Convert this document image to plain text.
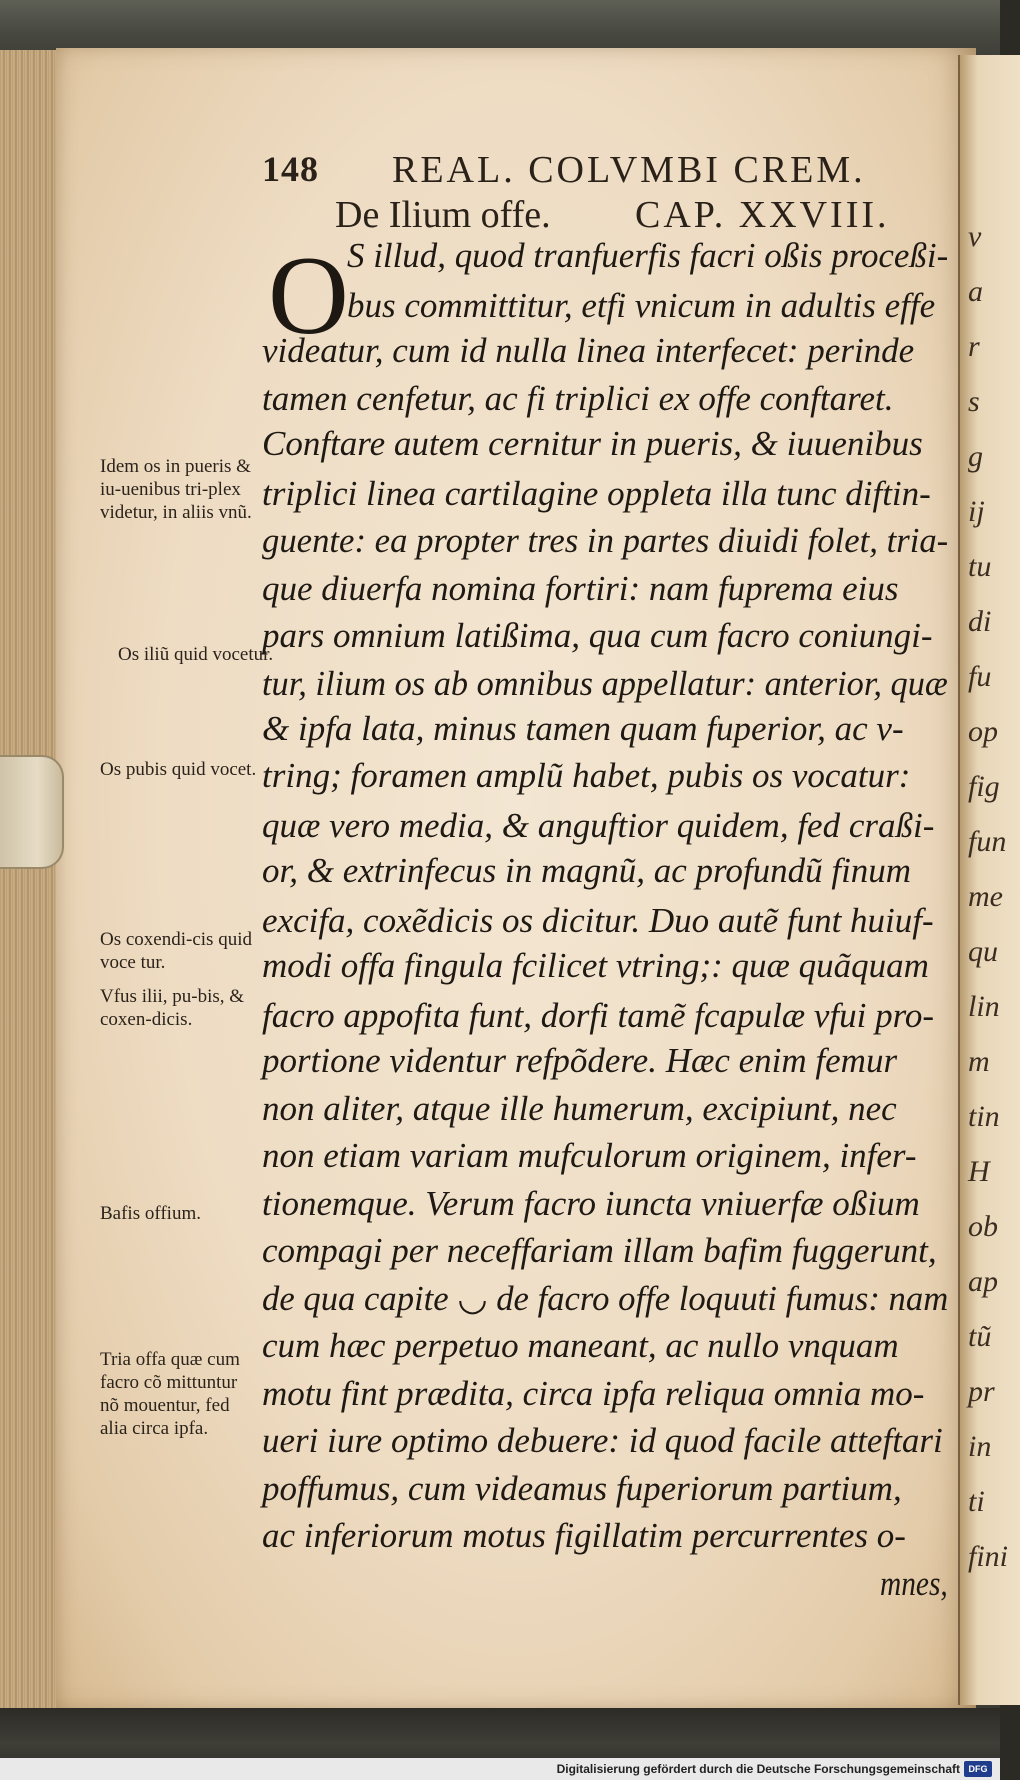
v
a
r
s
g
ij
tu
di
fu
op
fig
fun
me
qu
lin
m
tin
H
ob
ap
tũ
pr
in
ti
fini
148 REAL. COLVMBI CREM.
De Ilium offe. CAP. XXVIII.
O
S illud, quod tranfuerfis facri oßis proceßi-
bus committitur, etfi vnicum in adultis effe
videatur, cum id nulla linea interfecet: perinde
tamen cenfetur, ac fi triplici ex offe conftaret.
Conftare autem cernitur in pueris, & iuuenibus
triplici linea cartilagine oppleta illa tunc diftin-
guente: ea propter tres in partes diuidi folet, tria-
que diuerfa nomina fortiri: nam fuprema eius
pars omnium latißima, qua cum facro coniungi-
tur, ilium os ab omnibus appellatur: anterior, quæ
& ipfa lata, minus tamen quam fuperior, ac v-
tring; foramen amplũ habet, pubis os vocatur:
quæ vero media, & anguftior quidem, fed craßi-
or, & extrinfecus in magnũ, ac profundũ finum
excifa, coxẽdicis os dicitur. Duo autẽ funt huiuf-
modi offa fingula fcilicet vtring;: quæ quãquam
facro appofita funt, dorfi tamẽ fcapulæ vfui pro-
portione videntur refpõdere. Hæc enim femur
non aliter, atque ille humerum, excipiunt, nec
non etiam variam mufculorum originem, infer-
tionemque. Verum facro iuncta vniuerfæ oßium
compagi per neceffariam illam bafim fuggerunt,
de qua capite ◡ de facro offe loquuti fumus: nam
cum hæc perpetuo maneant, ac nullo vnquam
motu fint prædita, circa ipfa reliqua omnia mo-
ueri iure optimo debuere: id quod facile atteftari
poffumus, cum videamus fuperiorum partium,
ac inferiorum motus figillatim percurrentes o-
mnes,
Idem os in pueris & iu-uenibus tri-plex videtur, in aliis vnũ.
Os iliũ quid vocetur.
Os pubis quid vocet.
Os coxendi-cis quid voce tur.
Vfus ilii, pu-bis, & coxen-dicis.
Bafis offium.
Tria offa quæ cum facro cõ mittuntur nõ mouentur, fed alia circa ipfa.
Digitalisierung gefördert durch die Deutsche Forschungsgemeinschaft DFG
